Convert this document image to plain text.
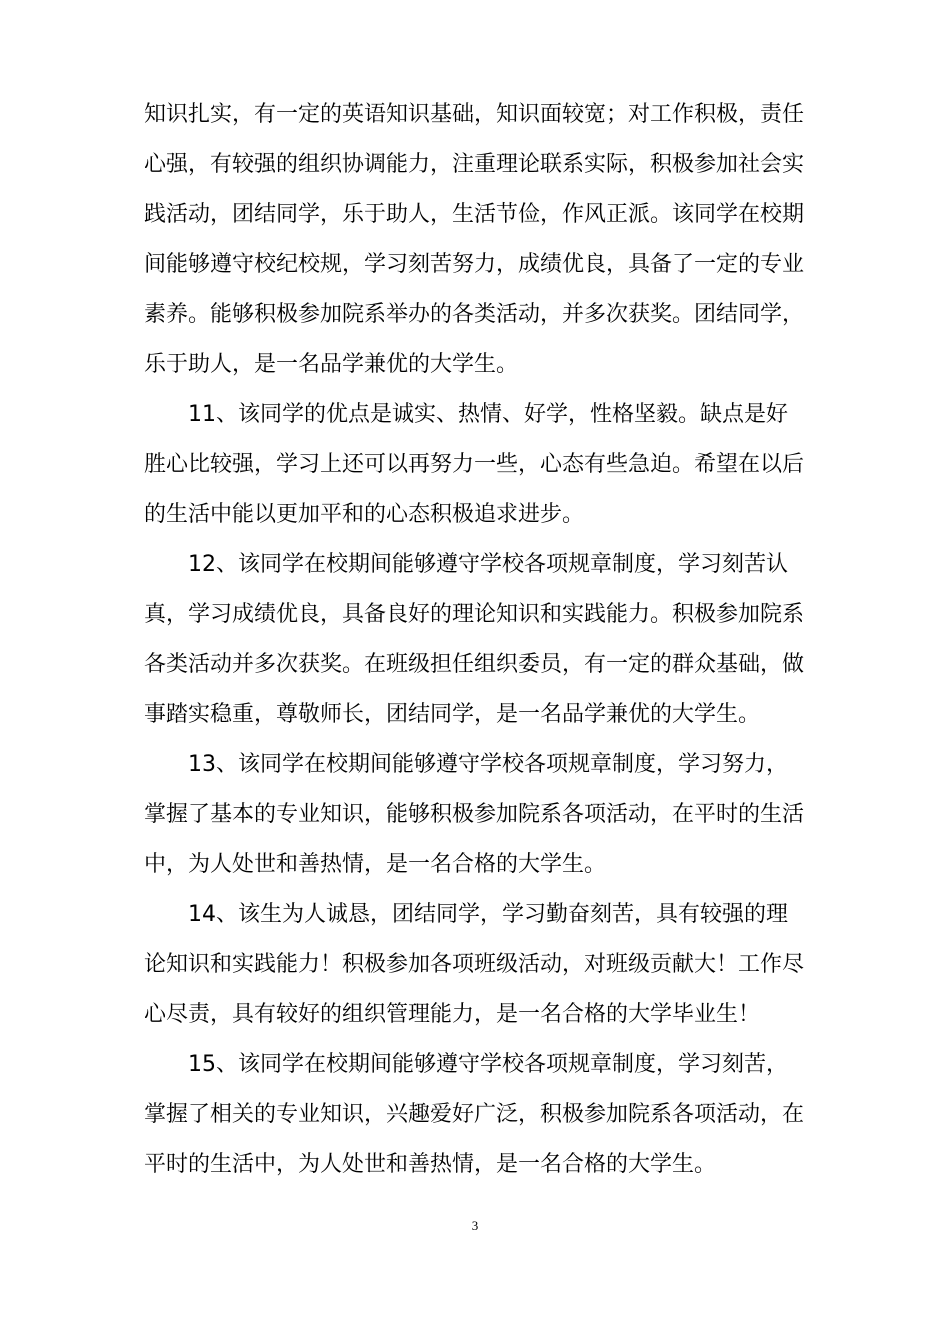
知识扎实，有一定的英语知识基础，知识面较宽；对工作积极，责任
心强，有较强的组织协调能力，注重理论联系实际，积极参加社会实
践活动，团结同学，乐于助人，生活节俭，作风正派。该同学在校期
间能够遵守校纪校规，学习刻苦努力，成绩优良，具备了一定的专业
素养。能够积极参加院系举办的各类活动，并多次获奖。团结同学，
乐于助人，是一名品学兼优的大学生。
11、该同学的优点是诚实、热情、好学，性格坚毅。缺点是好
胜心比较强，学习上还可以再努力一些，心态有些急迫。希望在以后
的生活中能以更加平和的心态积极追求进步。
12、该同学在校期间能够遵守学校各项规章制度，学习刻苦认
真，学习成绩优良，具备良好的理论知识和实践能力。积极参加院系
各类活动并多次获奖。在班级担任组织委员，有一定的群众基础，做
事踏实稳重，尊敬师长，团结同学，是一名品学兼优的大学生。
13、该同学在校期间能够遵守学校各项规章制度，学习努力，
掌握了基本的专业知识，能够积极参加院系各项活动，在平时的生活
中，为人处世和善热情，是一名合格的大学生。
14、该生为人诚恳，团结同学，学习勤奋刻苦，具有较强的理
论知识和实践能力！积极参加各项班级活动，对班级贡献大！工作尽
心尽责，具有较好的组织管理能力，是一名合格的大学毕业生！
15、该同学在校期间能够遵守学校各项规章制度，学习刻苦，
掌握了相关的专业知识，兴趣爱好广泛，积极参加院系各项活动，在
平时的生活中，为人处世和善热情，是一名合格的大学生。
3
